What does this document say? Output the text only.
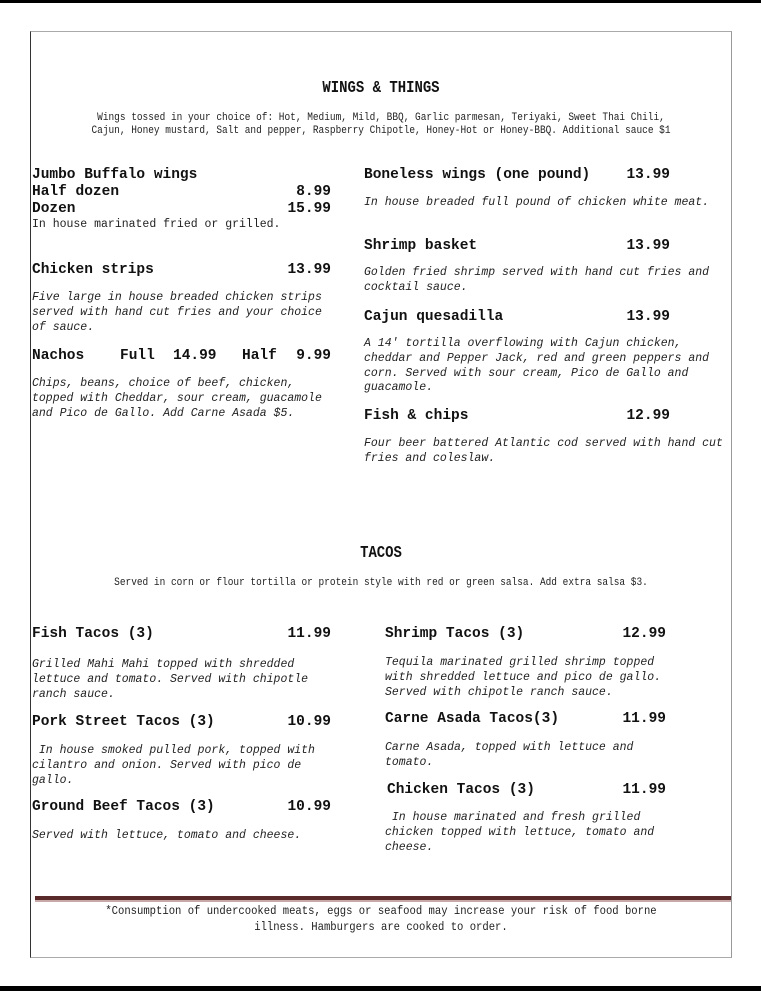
WINGS & THINGS
Wings tossed in your choice of: Hot, Medium, Mild, BBQ, Garlic parmesan, Teriyaki, Sweet Thai Chili,
Cajun, Honey mustard, Salt and pepper, Raspberry Chipotle, Honey-Hot or Honey-BBQ. Additional sauce $1
Jumbo Buffalo wings
Half dozen	8.99
Dozen	15.99
In house marinated fried or grilled.
Chicken strips	13.99
Five large in house breaded chicken strips served with hand cut fries and your choice of sauce.
Nachos Full 14.99 Half	9.99
Chips, beans, choice of beef, chicken, topped with Cheddar, sour cream, guacamole and Pico de Gallo. Add Carne Asada $5.
Boneless wings (one pound)	13.99
In house breaded full pound of chicken white meat.
Shrimp basket	13.99
Golden fried shrimp served with hand cut fries and cocktail sauce.
Cajun quesadilla	13.99
A 14' tortilla overflowing with Cajun chicken, cheddar and Pepper Jack, red and green peppers and corn. Served with sour cream, Pico de Gallo and guacamole.
Fish & chips	12.99
Four beer battered Atlantic cod served with hand cut fries and coleslaw.
TACOS
Served in corn or flour tortilla or protein style with red or green salsa. Add extra salsa $3.
Fish Tacos (3)	11.99
Grilled Mahi Mahi topped with shredded lettuce and tomato. Served with chipotle ranch sauce.
Pork Street Tacos (3)	10.99
In house smoked pulled pork, topped with cilantro and onion. Served with pico de gallo.
Ground Beef Tacos (3)	10.99
Served with lettuce, tomato and cheese.
Shrimp Tacos (3)	12.99
Tequila marinated grilled shrimp topped with shredded lettuce and pico de gallo. Served with chipotle ranch sauce.
Carne Asada Tacos(3)	11.99
Carne Asada, topped with lettuce and tomato.
Chicken Tacos (3)	11.99
In house marinated and fresh grilled chicken topped with lettuce, tomato and cheese.
*Consumption of undercooked meats, eggs or seafood may increase your risk of food borne
illness. Hamburgers are cooked to order.
